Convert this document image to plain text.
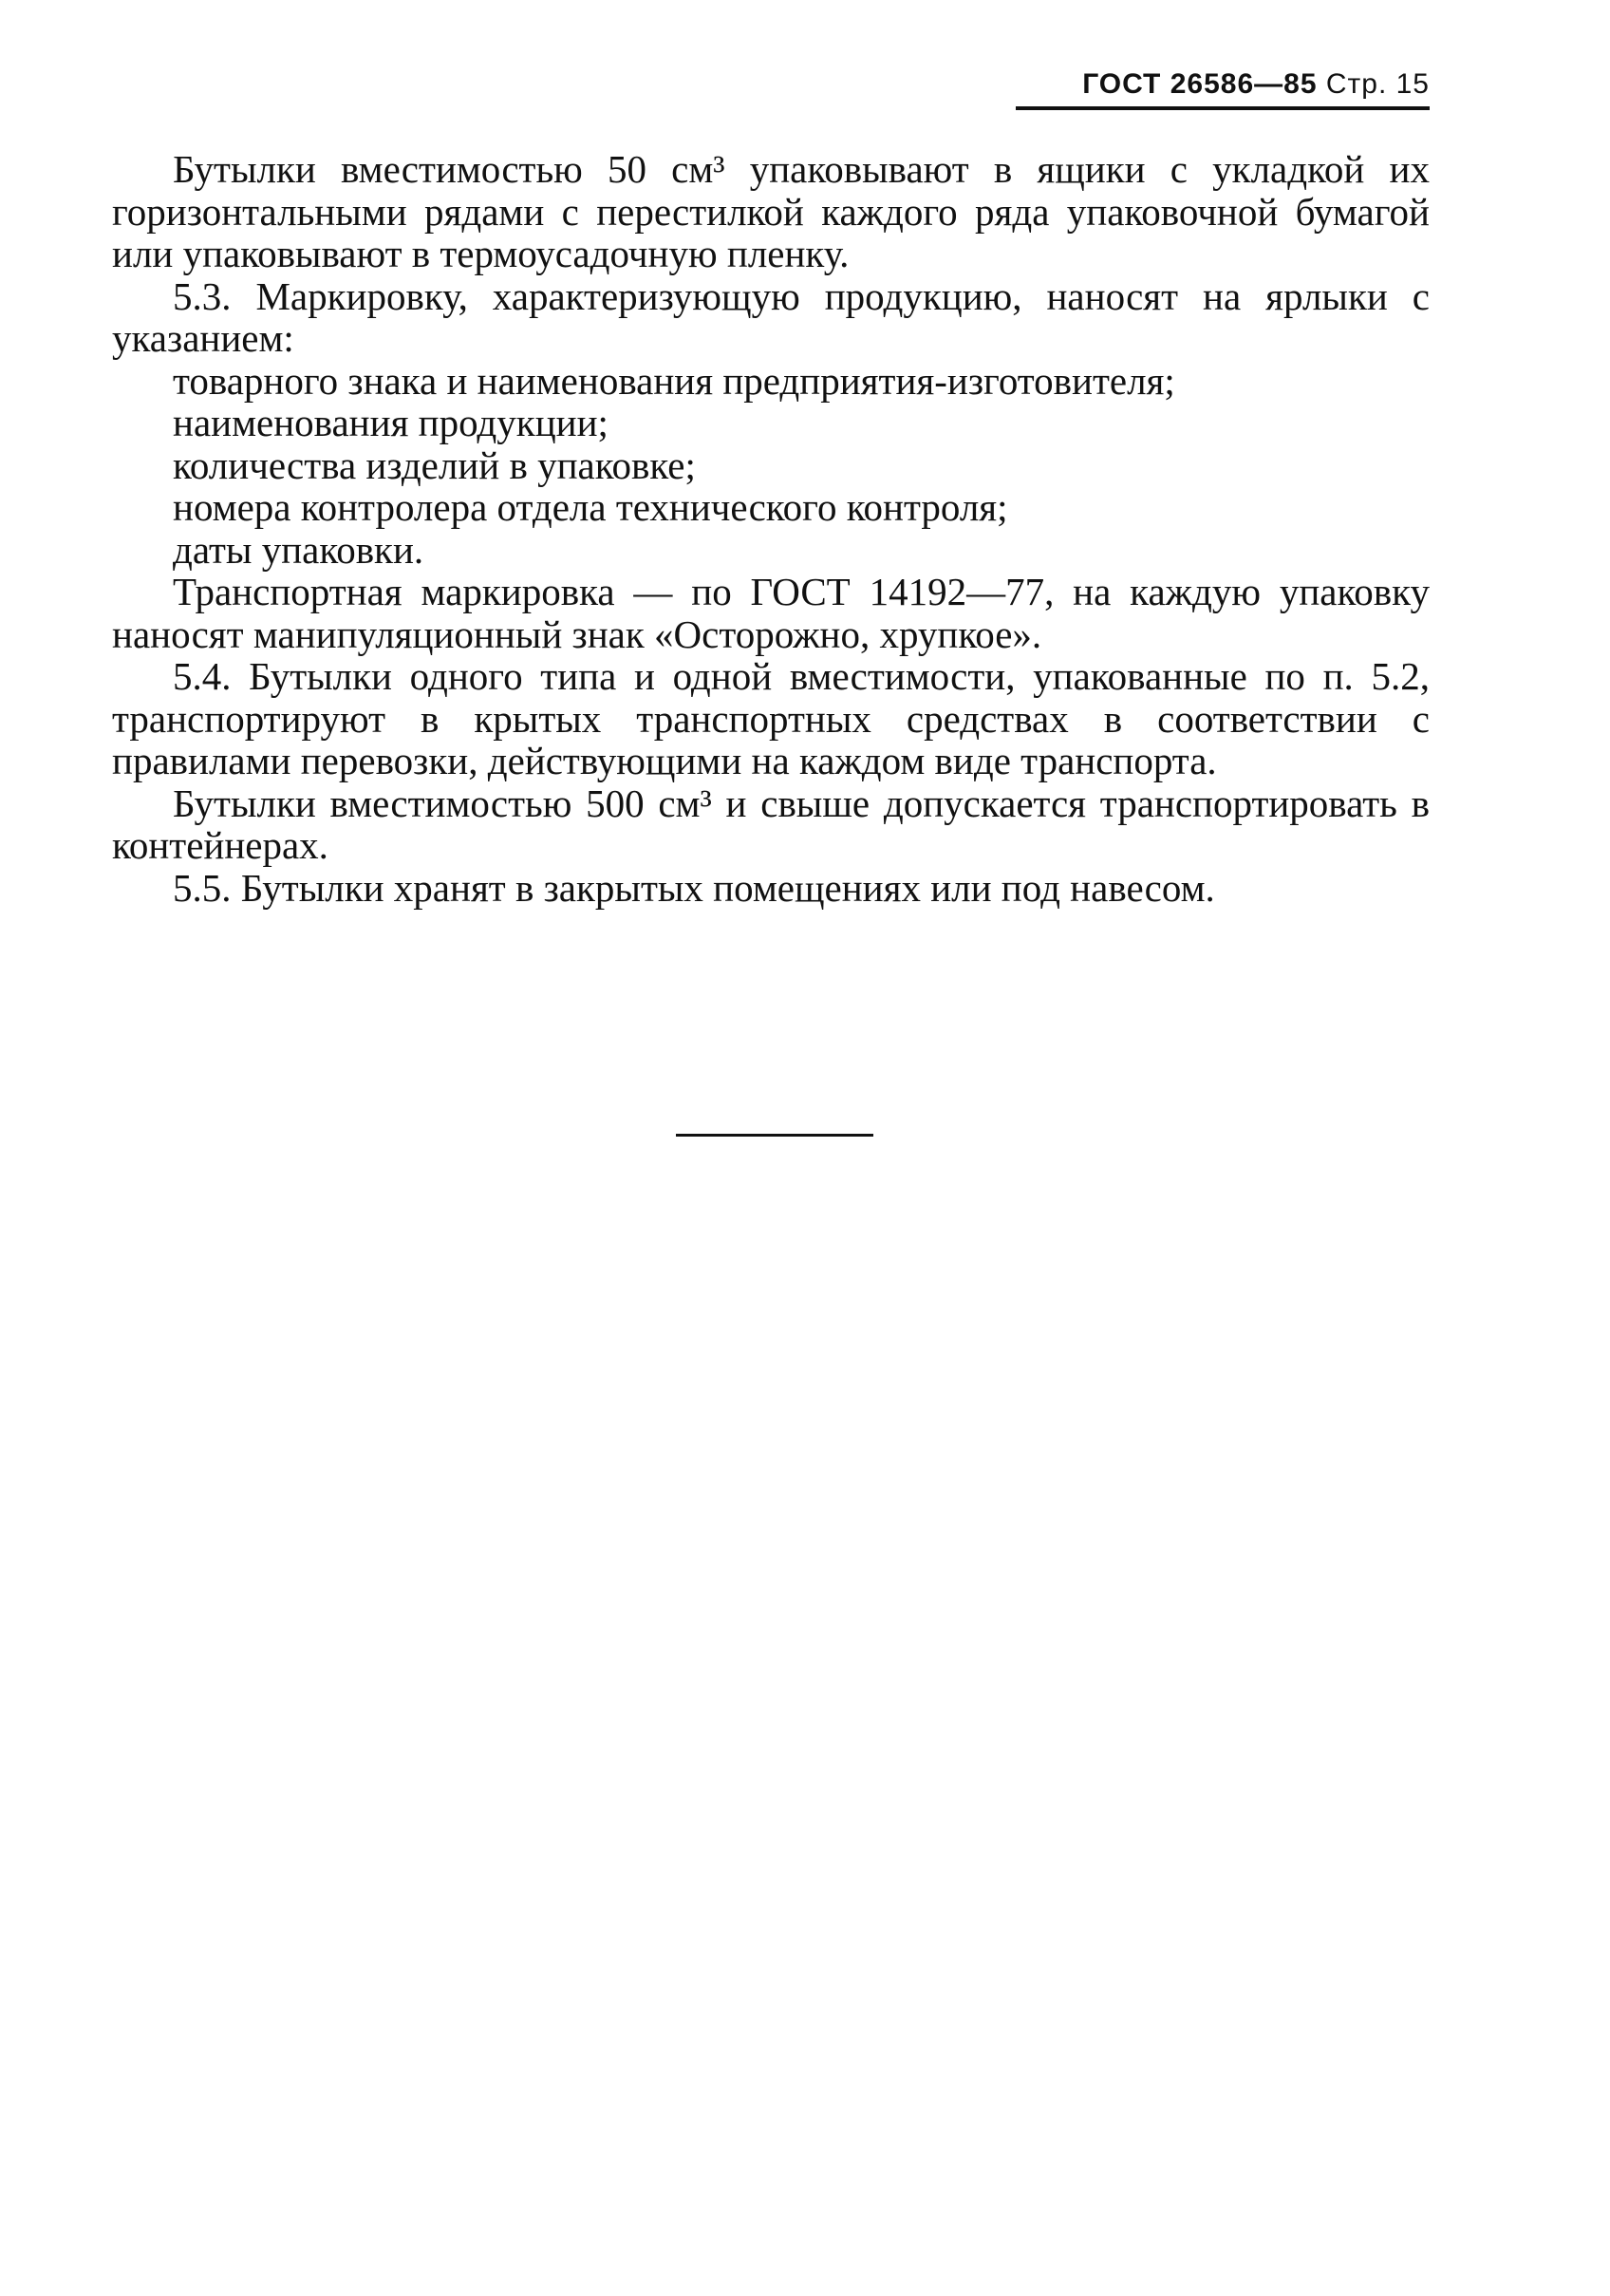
ГОСТ 26586—85 Стр. 15

Бутылки вместимостью 50 см³ упаковывают в ящики с укладкой их горизонтальными рядами с перестилкой каждого ряда упаковочной бумагой или упаковывают в термоусадочную пленку.

5.3. Маркировку, характеризующую продукцию, наносят на ярлыки с указанием:

товарного знака и наименования предприятия-изготовителя;
наименования продукции;
количества изделий в упаковке;
номера контролера отдела технического контроля;
даты упаковки.

Транспортная маркировка — по ГОСТ 14192—77, на каждую упаковку наносят манипуляционный знак «Осторожно, хрупкое».

5.4. Бутылки одного типа и одной вместимости, упакованные по п. 5.2, транспортируют в крытых транспортных средствах в соответствии с правилами перевозки, действующими на каждом виде транспорта.

Бутылки вместимостью 500 см³ и свыше допускается транспортировать в контейнерах.

5.5. Бутылки хранят в закрытых помещениях или под навесом.
